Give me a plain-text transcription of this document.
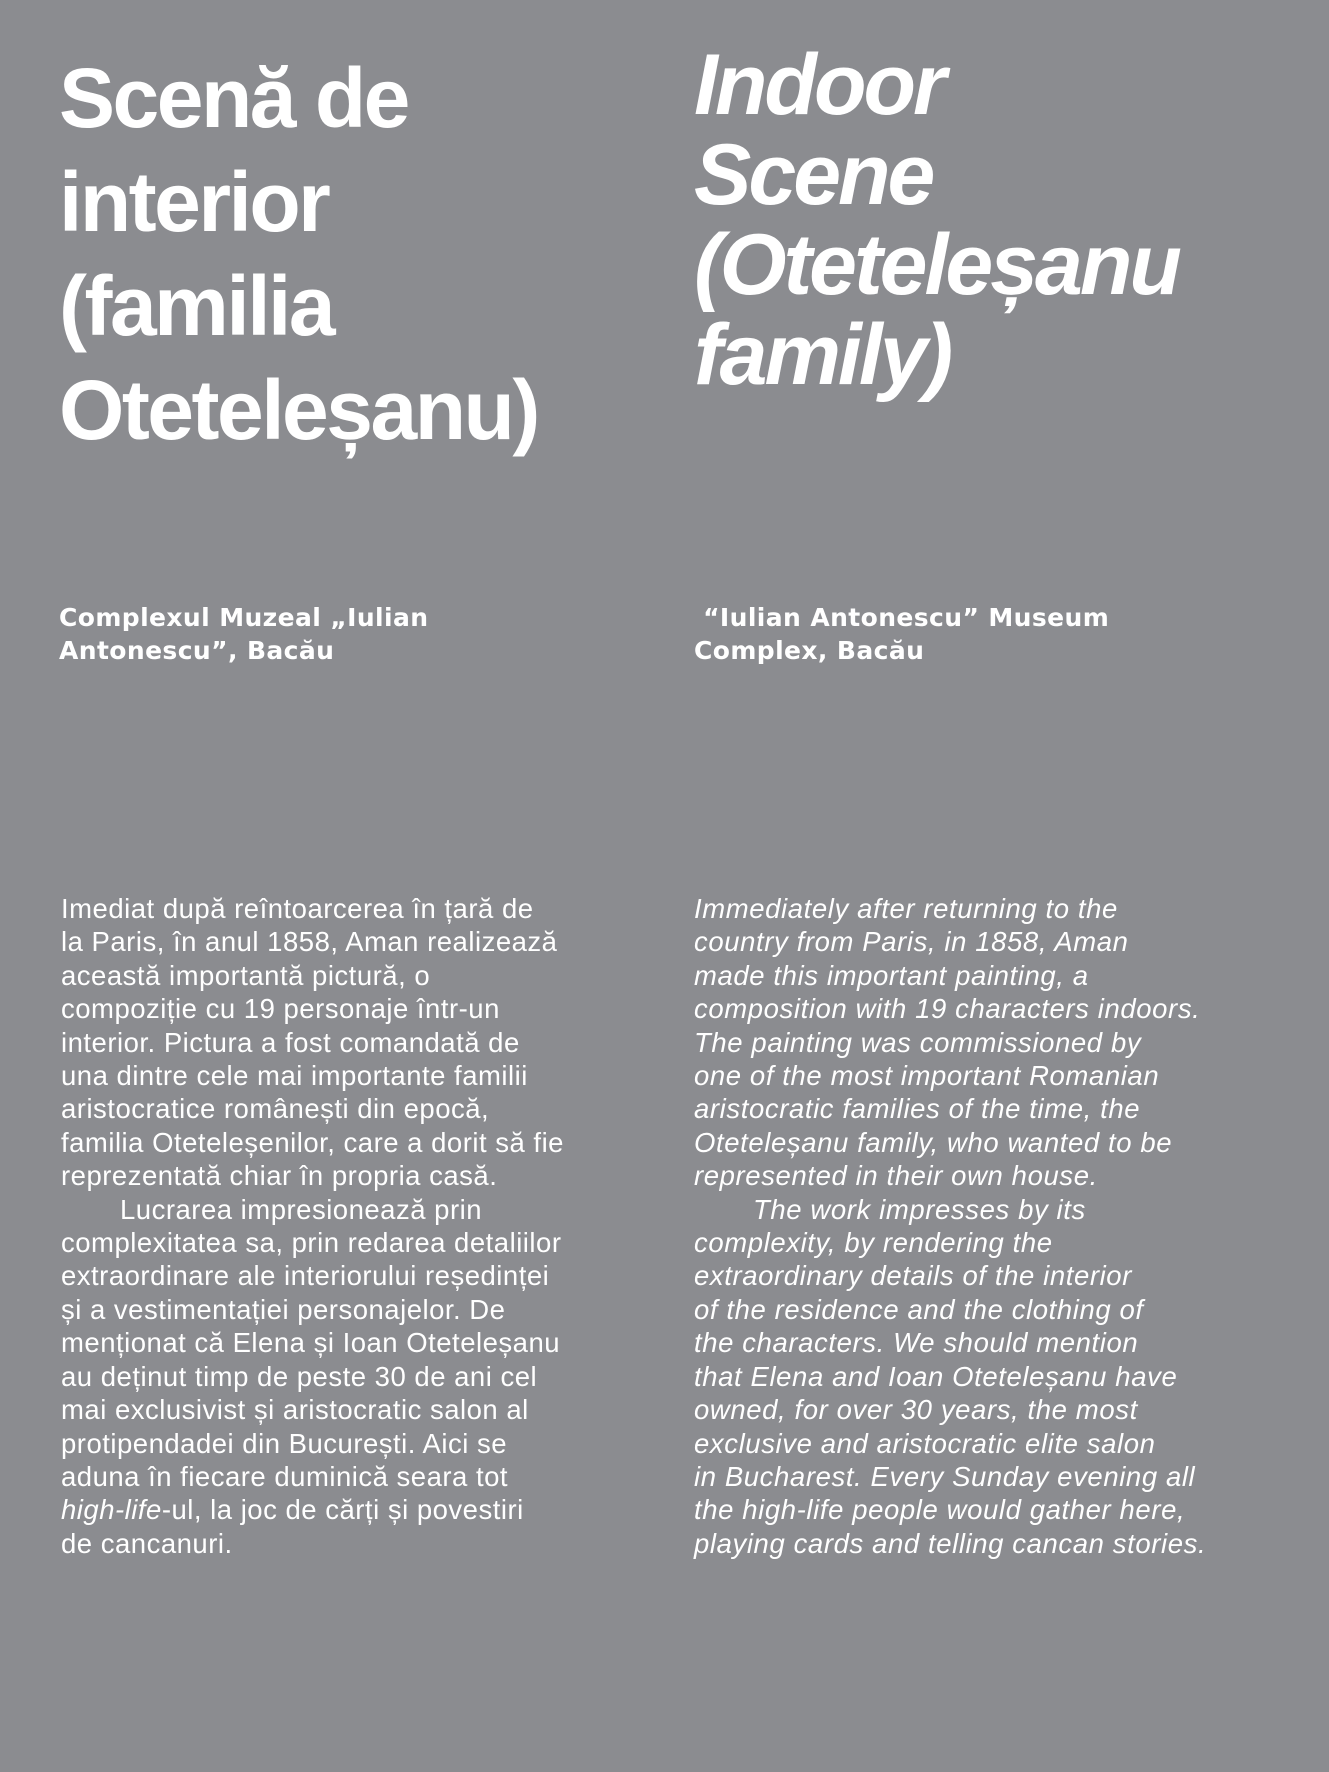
Scenă de
interior
(familia
Oteteleșanu)

Complexul Muzeal „Iulian
Antonescu”, Bacău

Imediat după reîntoarcerea în țară de
la Paris, în anul 1858, Aman realizează
această importantă pictură, o
compoziție cu 19 personaje într-un
interior. Pictura a fost comandată de
una dintre cele mai importante familii
aristocratice românești din epocă,
familia Oteteleșenilor, care a dorit să fie
reprezentată chiar în propria casă.
Lucrarea impresionează prin
complexitatea sa, prin redarea detaliilor
extraordinare ale interiorului reședinței
și a vestimentației personajelor. De
menționat că Elena și Ioan Oteteleșanu
au deținut timp de peste 30 de ani cel
mai exclusivist și aristocratic salon al
protipendadei din București. Aici se
aduna în fiecare duminică seara tot
high-life-ul, la joc de cărți și povestiri
de cancanuri.
Indoor
Scene
(Oteteleșanu
family)

“Iulian Antonescu” Museum
Complex, Bacău

Immediately after returning to the
country from Paris, in 1858, Aman
made this important painting, a
composition with 19 characters indoors.
The painting was commissioned by
one of the most important Romanian
aristocratic families of the time, the
Oteteleșanu family, who wanted to be
represented in their own house.
The work impresses by its
complexity, by rendering the
extraordinary details of the interior
of the residence and the clothing of
the characters. We should mention
that Elena and Ioan Oteteleșanu have
owned, for over 30 years, the most
exclusive and aristocratic elite salon
in Bucharest. Every Sunday evening all
the high-life people would gather here,
playing cards and telling cancan stories.
